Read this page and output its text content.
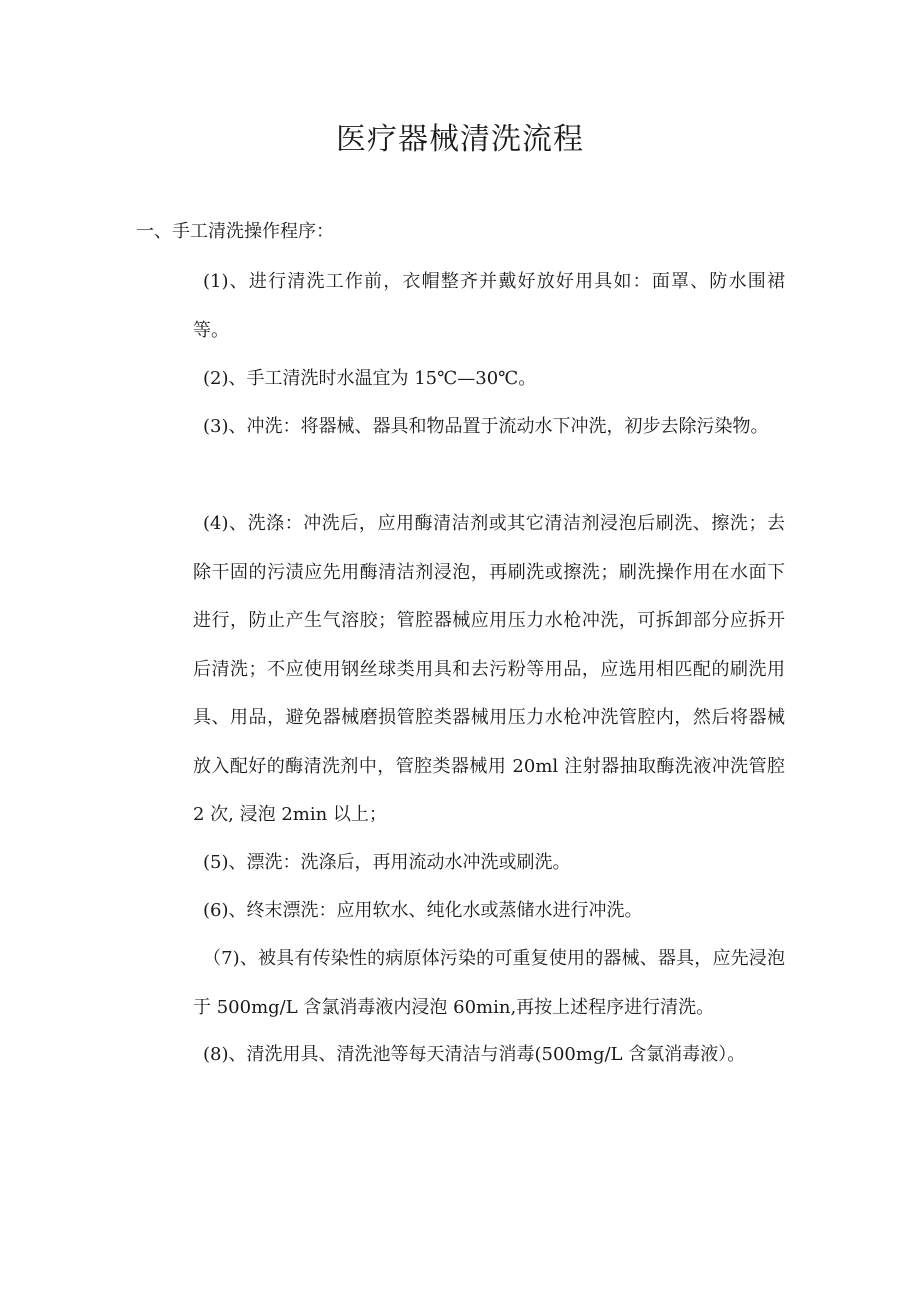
医疗器械清洗流程

一、手工清洗操作程序：

(1)、进行清洗工作前，衣帽整齐并戴好放好用具如：面罩、防水围裙等。

(2)、手工清洗时水温宜为 15℃—30℃。

(3)、冲洗：将器械、器具和物品置于流动水下冲洗，初步去除污染物。

(4)、洗涤：冲洗后，应用酶清洁剂或其它清洁剂浸泡后刷洗、擦洗；去除干固的污渍应先用酶清洁剂浸泡，再刷洗或擦洗；刷洗操作用在水面下进行，防止产生气溶胶；管腔器械应用压力水枪冲洗，可拆卸部分应拆开后清洗；不应使用钢丝球类用具和去污粉等用品，应选用相匹配的刷洗用具、用品，避免器械磨损管腔类器械用压力水枪冲洗管腔内，然后将器械放入配好的酶清洗剂中，管腔类器械用 20ml 注射器抽取酶洗液冲洗管腔 2 次, 浸泡 2min 以上；

(5)、漂洗：洗涤后，再用流动水冲洗或刷洗。

(6)、终末漂洗：应用软水、纯化水或蒸储水进行冲洗。

（7)、被具有传染性的病原体污染的可重复使用的器械、器具，应先浸泡于 500mg/L 含氯消毒液内浸泡 60min,再按上述程序进行清洗。

(8)、清洗用具、清洗池等每天清洁与消毒(500mg/L 含氯消毒液）。
